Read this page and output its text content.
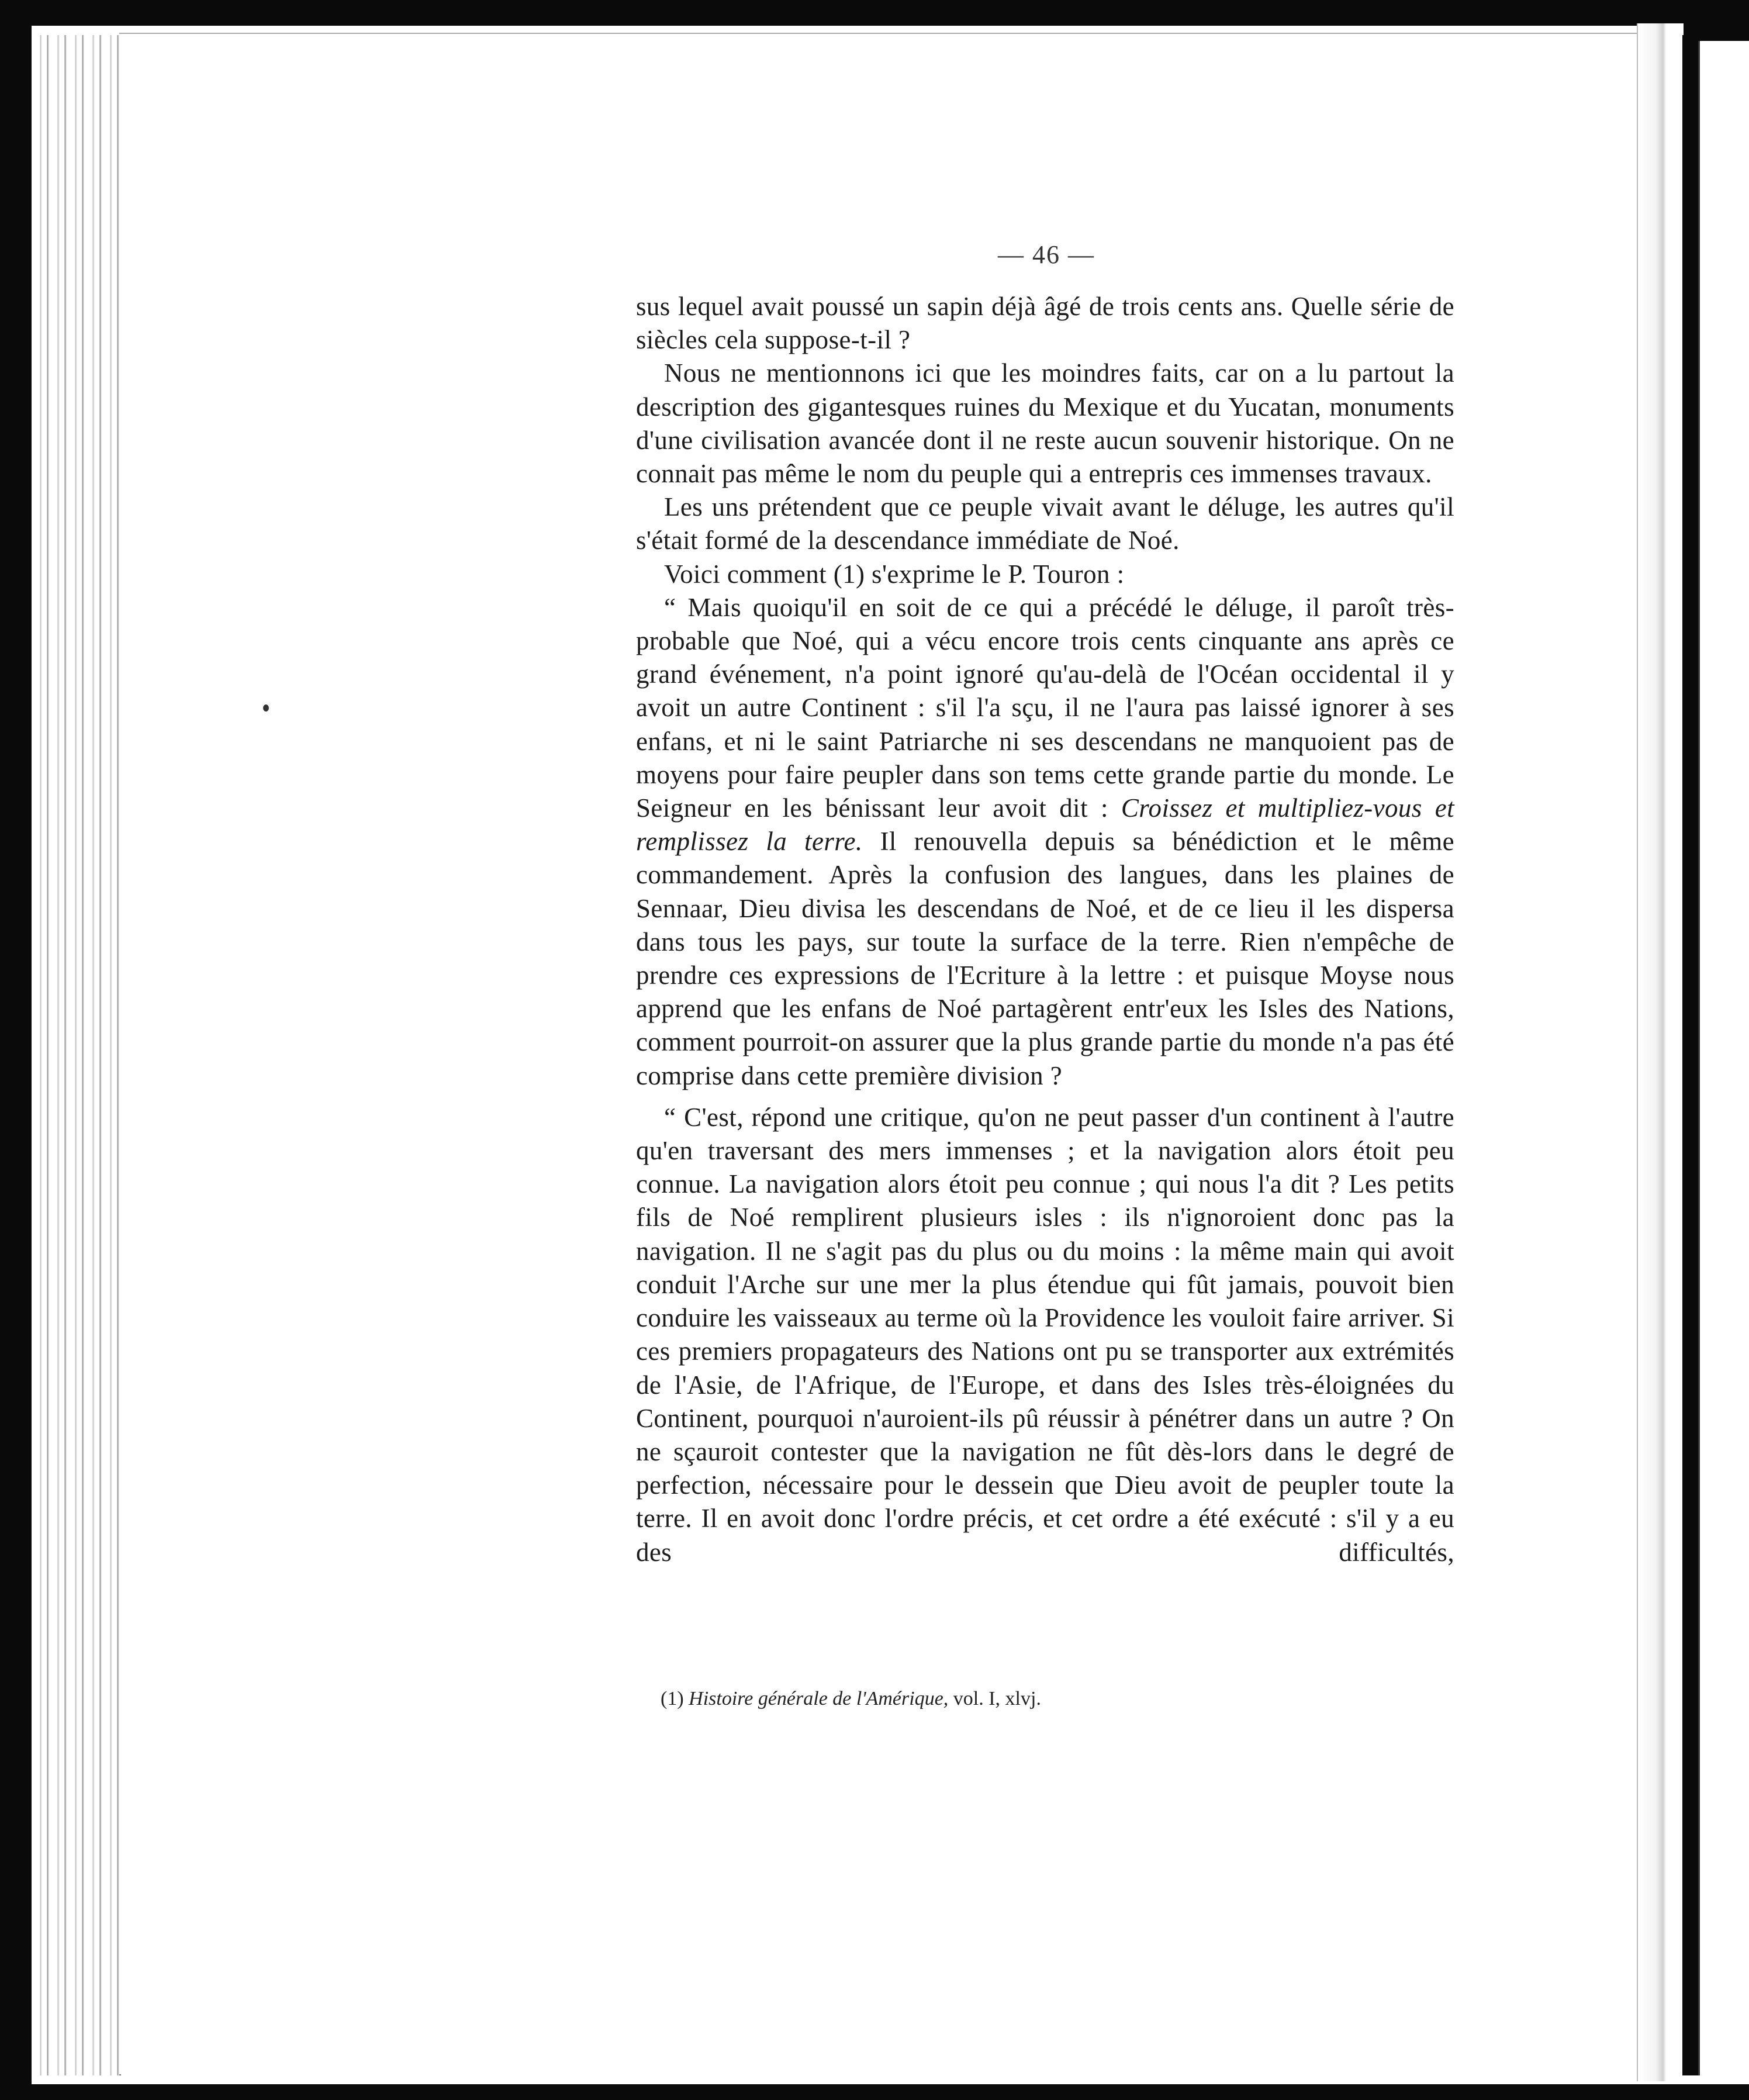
— 46 —

sus lequel avait poussé un sapin déjà âgé de trois cents ans. Quelle série de siècles cela suppose-t-il ?

Nous ne mentionnons ici que les moindres faits, car on a lu partout la description des gigantesques ruines du Mexique et du Yucatan, monuments d'une civilisation avancée dont il ne reste aucun souvenir historique. On ne connait pas même le nom du peuple qui a entrepris ces immenses travaux.

Les uns prétendent que ce peuple vivait avant le déluge, les autres qu'il s'était formé de la descendance immédiate de Noé.

Voici comment (1) s'exprime le P. Touron :

“ Mais quoiqu'il en soit de ce qui a précédé le déluge, il paroît très-probable que Noé, qui a vécu encore trois cents cinquante ans après ce grand événement, n'a point ignoré qu'au-delà de l'Océan occidental il y avoit un autre Continent : s'il l'a sçu, il ne l'aura pas laissé ignorer à ses enfans, et ni le saint Patriarche ni ses descendans ne manquoient pas de moyens pour faire peupler dans son tems cette grande partie du monde. Le Seigneur en les bénissant leur avoit dit : Croissez et multipliez-vous et remplissez la terre. Il renouvella depuis sa bénédiction et le même commandement. Après la confusion des langues, dans les plaines de Sennaar, Dieu divisa les descendans de Noé, et de ce lieu il les dispersa dans tous les pays, sur toute la surface de la terre. Rien n'empêche de prendre ces expressions de l'Ecriture à la lettre : et puisque Moyse nous apprend que les enfans de Noé partagèrent entr'eux les Isles des Nations, comment pourroit-on assurer que la plus grande partie du monde n'a pas été comprise dans cette première division ?

“ C'est, répond une critique, qu'on ne peut passer d'un continent à l'autre qu'en traversant des mers immenses ; et la navigation alors étoit peu connue. La navigation alors étoit peu connue ; qui nous l'a dit ? Les petits fils de Noé remplirent plusieurs isles : ils n'ignoroient donc pas la navigation. Il ne s'agit pas du plus ou du moins : la même main qui avoit conduit l'Arche sur une mer la plus étendue qui fût jamais, pouvoit bien conduire les vaisseaux au terme où la Providence les vouloit faire arriver. Si ces premiers propagateurs des Nations ont pu se transporter aux extrémités de l'Asie, de l'Afrique, de l'Europe, et dans des Isles très-éloignées du Continent, pourquoi n'auroient-ils pû réussir à pénétrer dans un autre ? On ne sçauroit contester que la navigation ne fût dès-lors dans le degré de perfection, nécessaire pour le dessein que Dieu avoit de peupler toute la terre. Il en avoit donc l'ordre précis, et cet ordre a été exécuté : s'il y a eu des difficultés,

(1) Histoire générale de l'Amérique, vol. I, xlvj.
